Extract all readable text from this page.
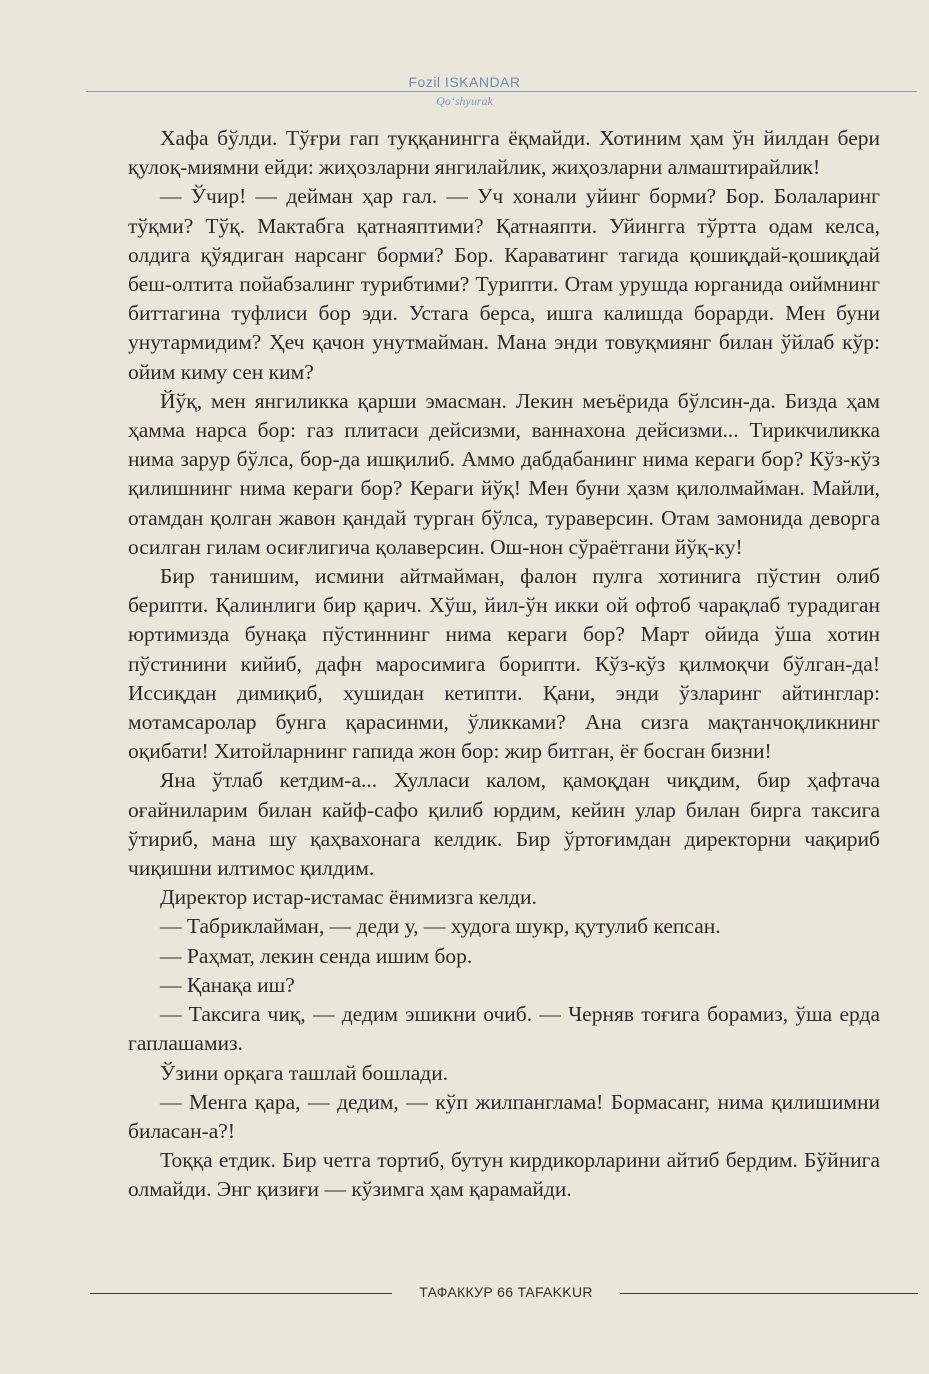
Fozil ISKANDAR
Qo‘shyurak

Хафа бўлди. Тўғри гап туққанингга ёқмайди. Хотиним ҳам ўн йилдан бери қулоқ-миямни ейди: жиҳозларни янгилайлик, жиҳозларни алмаштирайлик!

— Ўчир! — дейман ҳар гал. — Уч хонали уйинг борми? Бор. Болаларинг тўқми? Тўқ. Мактабга қатнаяптими? Қатнаяпти. Уйингга тўртта одам келса, олдига қўядиган нарсанг борми? Бор. Караватинг тагида қошиқдай-қошиқдай беш-олтита пойабзалинг турибтими? Турипти. Отам урушда юрганида оиймнинг биттагина туфлиси бор эди. Устага берса, ишга калишда борарди. Мен буни унутармидим? Ҳеч қачон унутмайман. Мана энди товуқмиянг билан ўйлаб кўр: ойим киму сен ким?

Йўқ, мен янгиликка қарши эмасман. Лекин меъёрида бўлсин-да. Бизда ҳам ҳамма нарса бор: газ плитаси дейсизми, ваннахона дейсизми... Тирикчиликка нима зарур бўлса, бор-да ишқилиб. Аммо дабдабанинг нима кераги бор? Кўз-кўз қилишнинг нима кераги бор? Кераги йўқ! Мен буни ҳазм қилолмайман. Майли, отамдан қолган жавон қандай турган бўлса, тураверсин. Отам замонида деворга осилган гилам осиғлигича қолаверсин. Ош-нон сўраётгани йўқ-ку!

Бир танишим, исмини айтмайман, фалон пулга хотинига пўстин олиб берипти. Қалинлиги бир қарич. Хўш, йил-ўн икки ой офтоб чарақлаб турадиган юртимизда бунақа пўстиннинг нима кераги бор? Март ойида ўша хотин пўстинини кийиб, дафн маросимига борипти. Кўз-кўз қилмоқчи бўлган-да! Иссиқдан димиқиб, хушидан кетипти. Қани, энди ўзларинг айтинглар: мотамсаролар бунга қарасинми, ўликками? Ана сизга мақтанчоқликнинг оқибати! Хитойларнинг гапида жон бор: жир битган, ёғ босган бизни!

Яна ўтлаб кетдим-а... Хулласи калом, қамоқдан чиқдим, бир ҳафтача оғайниларим билан кайф-сафо қилиб юрдим, кейин улар билан бирга таксига ўтириб, мана шу қаҳвахонага келдик. Бир ўртоғимдан директорни чақириб чиқишни илтимос қилдим.

Директор истар-истамас ёнимизга келди.

— Табриклайман, — деди у, — худога шукр, қутулиб кепсан.

— Раҳмат, лекин сенда ишим бор.

— Қанақа иш?

— Таксига чиқ, — дедим эшикни очиб. — Черняв тоғига борамиз, ўша ерда гаплашамиз.

Ўзини орқага ташлай бошлади.

— Менга қара, — дедим, — кўп жилпанглама! Бормасанг, нима қилишимни биласан-а?!

Тоққа етдик. Бир четга тортиб, бутун кирдикорларини айтиб бердим. Бўйнига олмайди. Энг қизиғи — кўзимга ҳам қарамайди.

ТАФАККУР 66 TAFAKKUR
